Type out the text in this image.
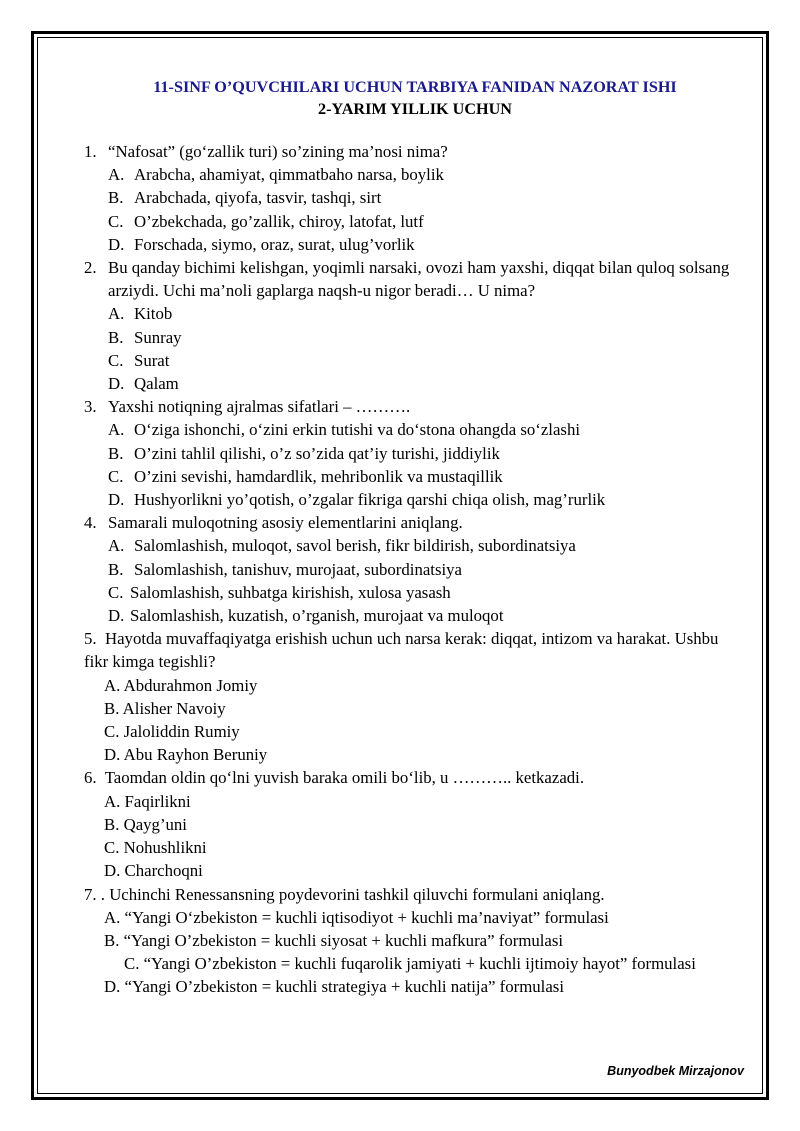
11-SINF O’QUVCHILARI UCHUN TARBIYA FANIDAN NAZORAT ISHI

2-YARIM YILLIK UCHUN

1. “Nafosat” (go‘zallik turi) so’zining ma’nosi nima?

A. Arabcha, ahamiyat, qimmatbaho narsa, boylik

B. Arabchada, qiyofa, tasvir, tashqi, sirt

C. O’zbekchada, go’zallik, chiroy, latofat, lutf

D. Forschada, siymo, oraz, surat, ulug’vorlik

2. Bu qanday bichimi kelishgan, yoqimli narsaki, ovozi ham yaxshi, diqqat bilan quloq solsang arziydi. Uchi ma’noli gaplarga naqsh-u nigor beradi… U nima?

A. Kitob

B. Sunray

C. Surat

D. Qalam

3. Yaxshi notiqning ajralmas sifatlari – ……….

A. O‘ziga ishonchi, o‘zini erkin tutishi va do‘stona ohangda so‘zlashi

B. O’zini tahlil qilishi, o’z so’zida qat’iy turishi, jiddiylik

C. O’zini sevishi, hamdardlik, mehribonlik va mustaqillik

D. Hushyorlikni yo’qotish, o’zgalar fikriga qarshi chiqa olish, mag’rurlik

4. Samarali muloqotning asosiy elementlarini aniqlang.

A. Salomlashish, muloqot, savol berish, fikr bildirish, subordinatsiya

B. Salomlashish, tanishuv, murojaat, subordinatsiya

C. Salomlashish, suhbatga kirishish, xulosa yasash

D. Salomlashish, kuzatish, o’rganish, murojaat va muloqot

5. Hayotda muvaffaqiyatga erishish uchun uch narsa kerak: diqqat, intizom va harakat. Ushbu fikr kimga tegishli?

A. Abdurahmon Jomiy

B. Alisher Navoiy

C. Jaloliddin Rumiy

D. Abu Rayhon Beruniy

6. Taomdan oldin qo‘lni yuvish baraka omili bo‘lib, u ……….. ketkazadi.

A. Faqirlikni

B. Qayg’uni

C. Nohushlikni

D. Charchoqni

7. . Uchinchi Renessansning poydevorini tashkil qiluvchi formulani aniqlang.

A. “Yangi O‘zbekiston = kuchli iqtisodiyot + kuchli ma’naviyat” formulasi

B. “Yangi O’zbekiston = kuchli siyosat + kuchli mafkura” formulasi

C. “Yangi O’zbekiston = kuchli fuqarolik jamiyati + kuchli ijtimoiy hayot” formulasi

D. “Yangi O’zbekiston = kuchli strategiya + kuchli natija” formulasi

Bunyodbek Mirzajonov
